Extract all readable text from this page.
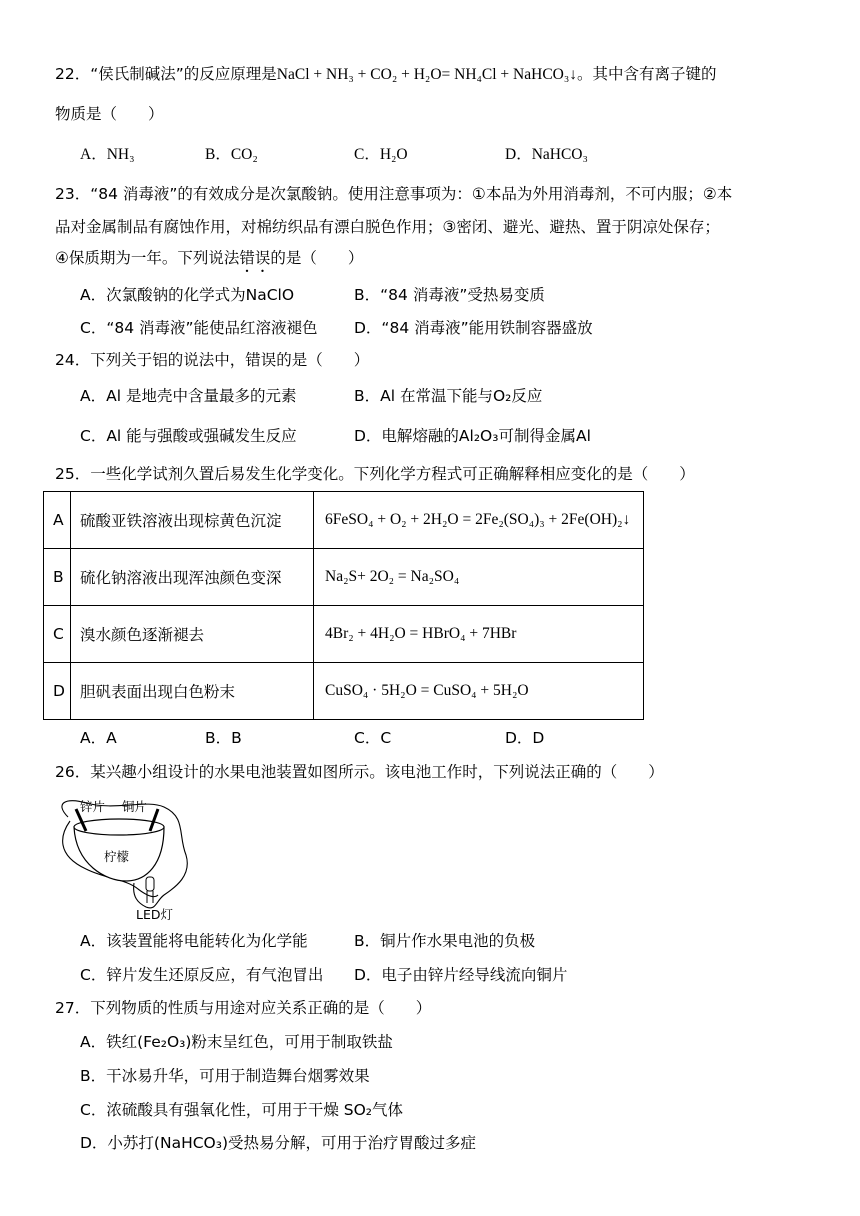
22．“侯氏制碱法”的反应原理是NaCl + NH₃ + CO₂ + H₂O= NH₄Cl + NaHCO₃↓。其中含有离子键的
物质是（　　）
A．NH₃	B．CO₂	C．H₂O	D．NaHCO₃
23．“84 消毒液”的有效成分是次氯酸钠。使用注意事项为：①本品为外用消毒剂，不可内服；②本
品对金属制品有腐蚀作用，对棉纺织品有漂白脱色作用；③密闭、避光、避热、置于阴凉处保存；
④保质期为一年。下列说法错误的是（　　）
A．次氯酸钠的化学式为NaClO	B．“84 消毒液”受热易变质
C．“84 消毒液”能使品红溶液褪色 D．“84 消毒液”能用铁制容器盛放
24．下列关于铝的说法中，错误的是（　　）
A．Al 是地壳中含量最多的元素	B．Al 在常温下能与O₂反应
C．Al 能与强酸或强碱发生反应	D．电解熔融的Al₂O₃可制得金属Al
25．一些化学试剂久置后易发生化学变化。下列化学方程式可正确解释相应变化的是（　　）
A	硫酸亚铁溶液出现棕黄色沉淀	6FeSO₄ + O₂ + 2H₂O = 2Fe₂(SO₄)₃ + 2Fe(OH)₂↓
B	硫化钠溶液出现浑浊颜色变深	Na₂S+ 2O₂ = Na₂SO₄
C	溴水颜色逐渐褪去	4Br₂ + 4H₂O = HBrO₄ + 7HBr
D	胆矾表面出现白色粉末	CuSO₄ · 5H₂O = CuSO₄ + 5H₂O
A．A	B．B	C．C	D．D
26．某兴趣小组设计的水果电池装置如图所示。该电池工作时，下列说法正确的（　　）
锌片 铜片
柠檬
LED灯
A．该装置能将电能转化为化学能	B．铜片作水果电池的负极
C．锌片发生还原反应，有气泡冒出 D．电子由锌片经导线流向铜片
27．下列物质的性质与用途对应关系正确的是（　　）
A．铁红(Fe₂O₃)粉末呈红色，可用于制取铁盐
B．干冰易升华，可用于制造舞台烟雾效果
C．浓硫酸具有强氧化性，可用于干燥 SO₂气体
D．小苏打(NaHCO₃)受热易分解，可用于治疗胃酸过多症
